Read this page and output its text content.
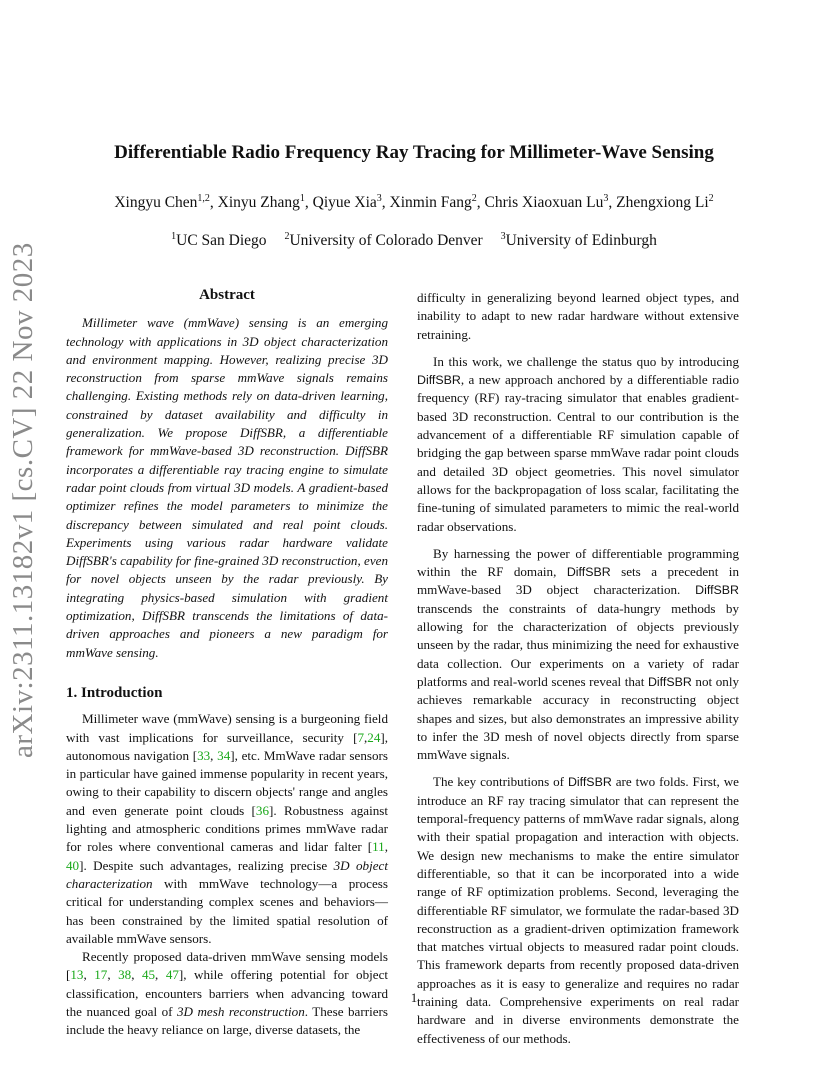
arXiv:2311.13182v1 [cs.CV] 22 Nov 2023
Differentiable Radio Frequency Ray Tracing for Millimeter-Wave Sensing
Xingyu Chen$^{1,2}$, Xinyu Zhang$^1$, Qiyue Xia$^3$, Xinmin Fang$^2$, Chris Xiaoxuan Lu$^3$, Zhengxiong Li$^2$
$^1$UC San Diego $^2$University of Colorado Denver $^3$University of Edinburgh

Abstract

Millimeter wave (mmWave) sensing is an emerging technology with applications in 3D object characterization and environment mapping. However, realizing precise 3D reconstruction from sparse mmWave signals remains challenging. Existing methods rely on data-driven learning, constrained by dataset availability and difficulty in generalization. We propose DiffSBR, a differentiable framework for mmWave-based 3D reconstruction. DiffSBR incorporates a differentiable ray tracing engine to simulate radar point clouds from virtual 3D models. A gradient-based optimizer refines the model parameters to minimize the discrepancy between simulated and real point clouds. Experiments using various radar hardware validate DiffSBR's capability for fine-grained 3D reconstruction, even for novel objects unseen by the radar previously. By integrating physics-based simulation with gradient optimization, DiffSBR transcends the limitations of data-driven approaches and pioneers a new paradigm for mmWave sensing.

1. Introduction

Millimeter wave (mmWave) sensing is a burgeoning field with vast implications for surveillance, security [7,24], autonomous navigation [33, 34], etc. MmWave radar sensors in particular have gained immense popularity in recent years, owing to their capability to discern objects' range and angles and even generate point clouds [36]. Robustness against lighting and atmospheric conditions primes mmWave radar for roles where conventional cameras and lidar falter [11, 40]. Despite such advantages, realizing precise 3D object characterization with mmWave technology—a process critical for understanding complex scenes and behaviors—has been constrained by the limited spatial resolution of available mmWave sensors.

Recently proposed data-driven mmWave sensing models [13, 17, 38, 45, 47], while offering potential for object classification, encounters barriers when advancing toward the nuanced goal of 3D mesh reconstruction. These barriers include the heavy reliance on large, diverse datasets, the

difficulty in generalizing beyond learned object types, and inability to adapt to new radar hardware without extensive retraining.

In this work, we challenge the status quo by introducing DiffSBR, a new approach anchored by a differentiable radio frequency (RF) ray-tracing simulator that enables gradient-based 3D reconstruction. Central to our contribution is the advancement of a differentiable RF simulation capable of bridging the gap between sparse mmWave radar point clouds and detailed 3D object geometries. This novel simulator allows for the backpropagation of loss scalar, facilitating the fine-tuning of simulated parameters to mimic the real-world radar observations.

By harnessing the power of differentiable programming within the RF domain, DiffSBR sets a precedent in mmWave-based 3D object characterization. DiffSBR transcends the constraints of data-hungry methods by allowing for the characterization of objects previously unseen by the radar, thus minimizing the need for exhaustive data collection. Our experiments on a variety of radar platforms and real-world scenes reveal that DiffSBR not only achieves remarkable accuracy in reconstructing object shapes and sizes, but also demonstrates an impressive ability to infer the 3D mesh of novel objects directly from sparse mmWave signals.

The key contributions of DiffSBR are two folds. First, we introduce an RF ray tracing simulator that can represent the temporal-frequency patterns of mmWave radar signals, along with their spatial propagation and interaction with objects. We design new mechanisms to make the entire simulator differentiable, so that it can be incorporated into a wide range of RF optimization problems. Second, leveraging the differentiable RF simulator, we formulate the radar-based 3D reconstruction as a gradient-driven optimization framework that matches virtual objects to measured radar point clouds. This framework departs from recently proposed data-driven approaches as it is easy to generalize and requires no radar training data. Comprehensive experiments on real radar hardware and in diverse environments demonstrate the effectiveness of our methods.

1
